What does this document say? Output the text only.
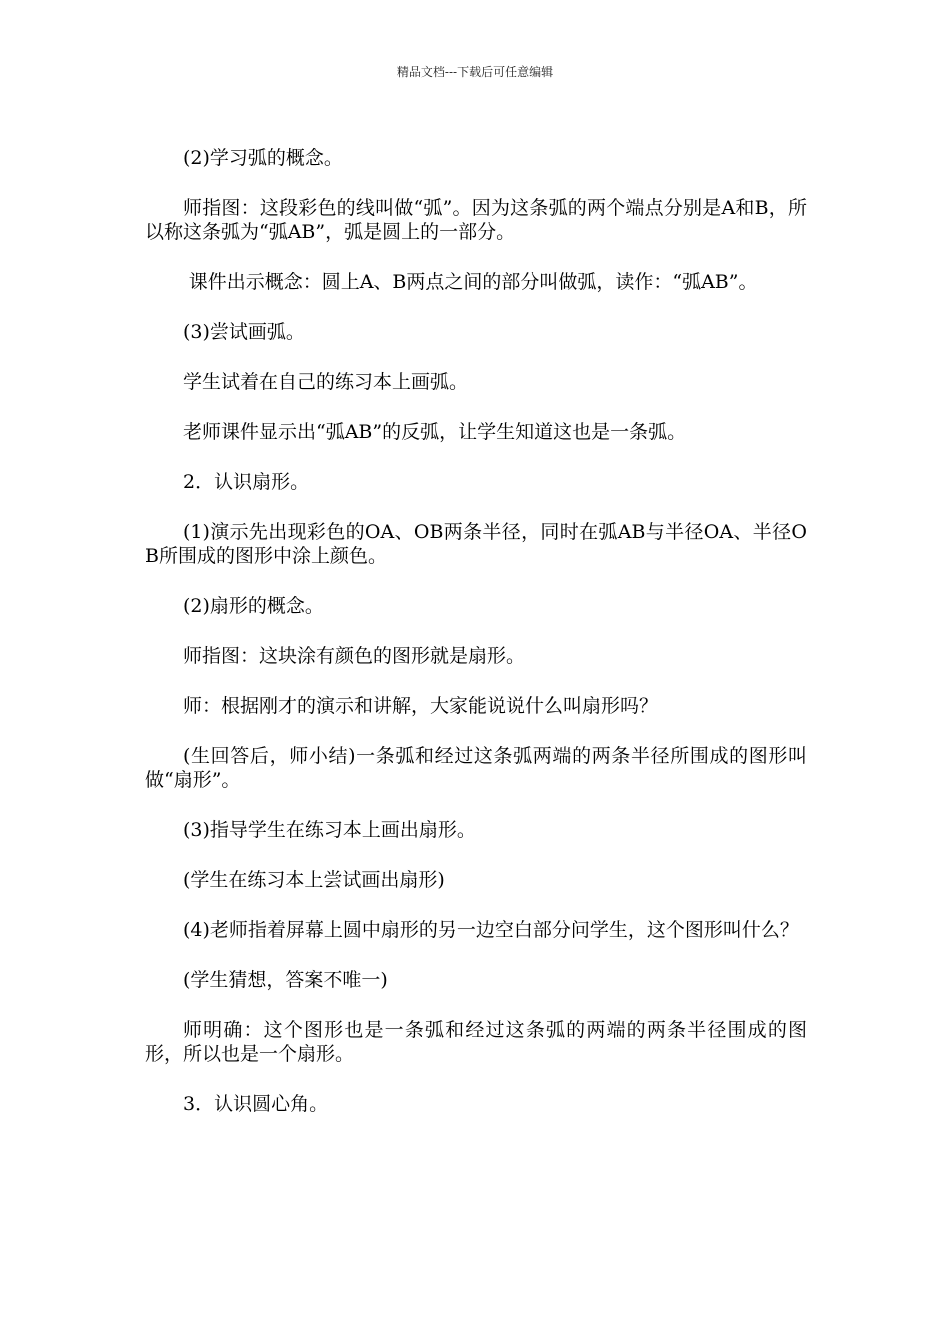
精品文档---下载后可任意编辑

(2)学习弧的概念。

师指图：这段彩色的线叫做“弧”。因为这条弧的两个端点分别是A和B，所以称这条弧为“弧AB”，弧是圆上的一部分。

课件出示概念：圆上A、B两点之间的部分叫做弧，读作：“弧AB”。

(3)尝试画弧。

学生试着在自己的练习本上画弧。

老师课件显示出“弧AB”的反弧，让学生知道这也是一条弧。

2．认识扇形。

(1)演示先出现彩色的OA、OB两条半径，同时在弧AB与半径OA、半径OB所围成的图形中涂上颜色。

(2)扇形的概念。

师指图：这块涂有颜色的图形就是扇形。

师：根据刚才的演示和讲解，大家能说说什么叫扇形吗？

(生回答后，师小结)一条弧和经过这条弧两端的两条半径所围成的图形叫做“扇形”。

(3)指导学生在练习本上画出扇形。

(学生在练习本上尝试画出扇形)

(4)老师指着屏幕上圆中扇形的另一边空白部分问学生，这个图形叫什么？

(学生猜想，答案不唯一)

师明确：这个图形也是一条弧和经过这条弧的两端的两条半径围成的图形，所以也是一个扇形。

3．认识圆心角。
